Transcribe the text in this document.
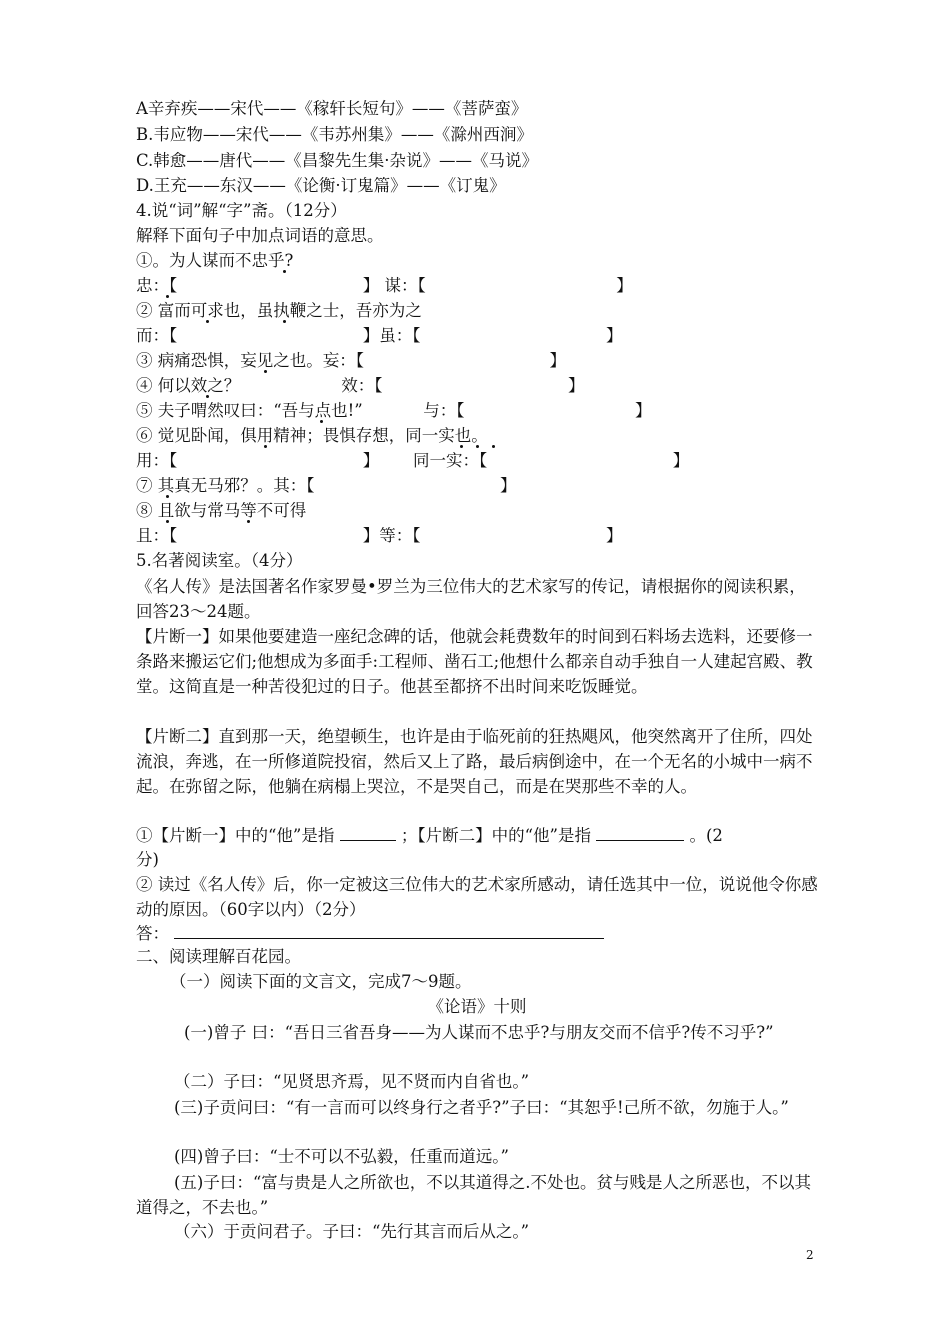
A辛弃疾——宋代——《稼轩长短句》——《菩萨蛮》
B.韦应物——宋代——《韦苏州集》——《滁州西涧》
C.韩愈——唐代——《昌黎先生集·杂说》——《马说》
D.王充——东汉——《论衡·订鬼篇》——《订鬼》
4.说“词”解“字”斋。（12分）
解释下面句子中加点词语的意思。
①。为人谋而不忠乎?
忠：【	】 谋：【	】
② 富而可求也，虽执鞭之士，吾亦为之
而：【	】虽：【	】
③ 病痛恐惧，妄见之也。妄：【	】
④ 何以效之？	效：【	】
⑤ 夫子喟然叹曰：“吾与点也!”	与：【	】
⑥ 觉见卧闻，俱用精神；畏惧存想，同一实也。
用：【	】 同一实：【	】
⑦ 其真无马邪？。其：【	】
⑧ 且欲与常马等不可得
且：【	】等：【	】
5.名著阅读室。（4分）
《名人传》是法国著名作家罗曼•罗兰为三位伟大的艺术家写的传记，请根据你的阅读积累，回答23～24题。
【片断一】如果他要建造一座纪念碑的话，他就会耗费数年的时间到石料场去选料，还要修一条路来搬运它们;他想成为多面手:工程师、凿石工;他想什么都亲自动手独自一人建起宫殿、教堂。这简直是一种苦役犯过的日子。他甚至都挤不出时间来吃饭睡觉。
【片断二】直到那一天，绝望顿生，也许是由于临死前的狂热飓风，他突然离开了住所，四处流浪，奔逃，在一所修道院投宿，然后又上了路，最后病倒途中，在一个无名的小城中一病不起。在弥留之际，他躺在病榻上哭泣，不是哭自己，而是在哭那些不幸的人。
①【片断一】中的“他”是指	；【片断二】中的“他”是指	。(2
分)
② 读过《名人传》后，你一定被这三位伟大的艺术家所感动，请任选其中一位，说说他令你感动的原因。（60字以内）（2分）
答：
二、阅读理解百花园。
（一）阅读下面的文言文，完成7～9题。
《论语》十则
(一)曾子 曰：“吾日三省吾身——为人谋而不忠乎?与朋友交而不信乎?传不习乎?”
（二）子曰：“见贤思齐焉，见不贤而内自省也。”
(三)子贡问曰：“有一言而可以终身行之者乎?”子曰：“其恕乎!己所不欲，勿施于人。”
(四)曾子曰：“士不可以不弘毅，任重而道远。”
(五)子曰：“富与贵是人之所欲也，不以其道得之.不处也。贫与贱是人之所恶也，不以其道得之，不去也。”
（六）于贡问君子。子曰：“先行其言而后从之。”
2
